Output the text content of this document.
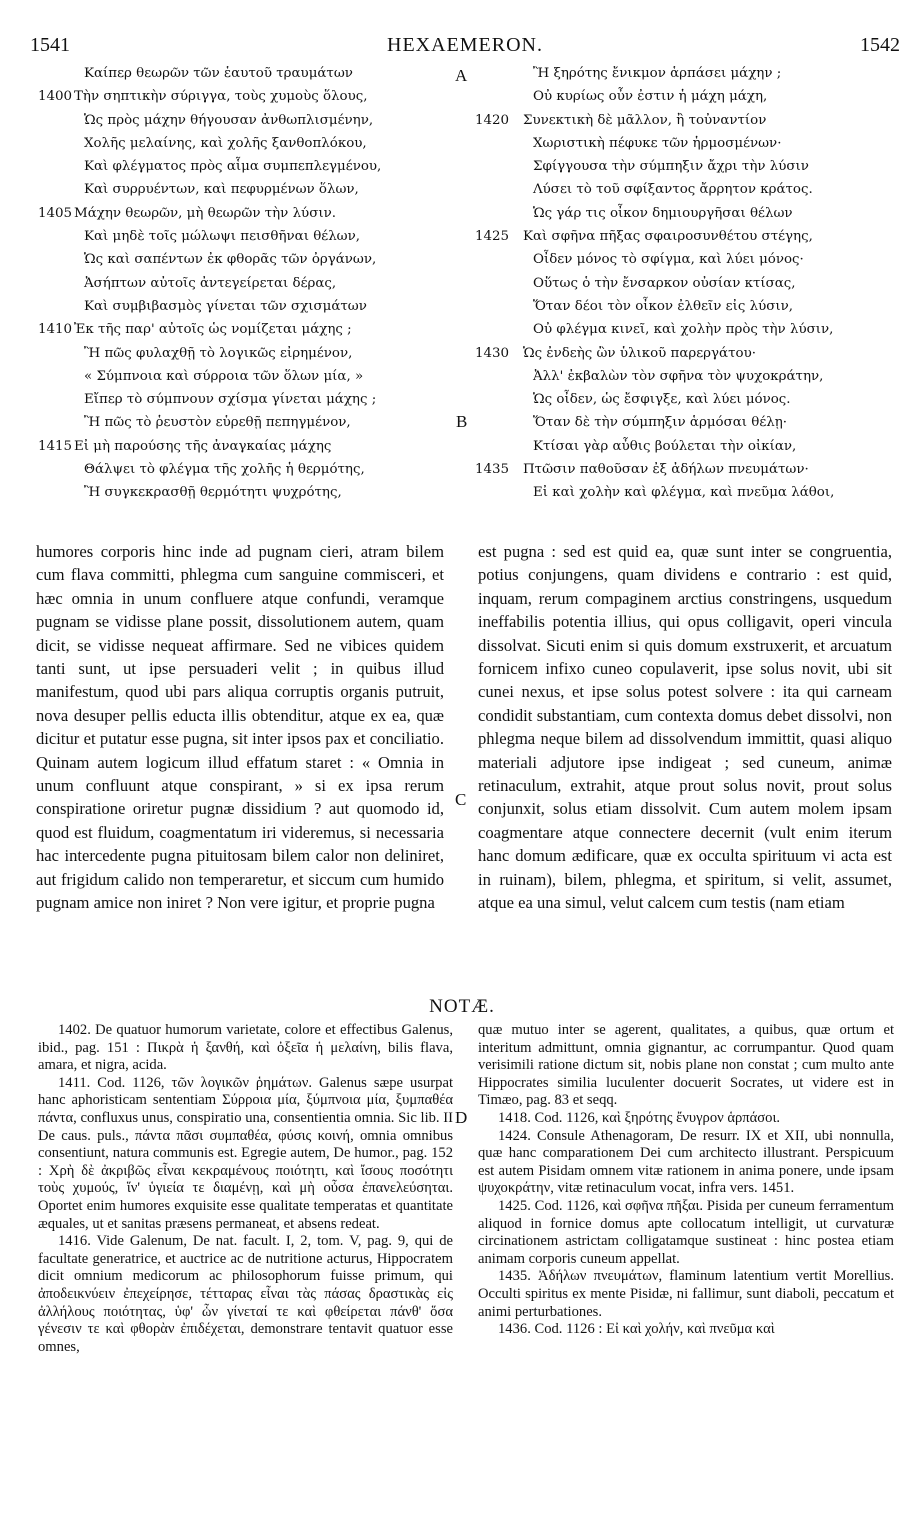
1541	HEXAEMERON.	1542
Καίπερ θεωρῶν τῶν ἑαυτοῦ τραυμάτων
1400 Τὴν σηπτικὴν σύριγγα, τοὺς χυμοὺς ὅλους,
Ὡς πρὸς μάχην θήγουσαν ἀνθωπλισμένην,
Χολῆς μελαίνης, καὶ χολῆς ξανθοπλόκου,
Καὶ φλέγματος πρὸς αἷμα συμπεπλεγμένου,
Καὶ συρρυέντων, καὶ πεφυρμένων ὅλων,
1405 Μάχην θεωρῶν, μὴ θεωρῶν τὴν λύσιν.
Καὶ μηδὲ τοῖς μώλωψι πεισθῆναι θέλων,
Ὡς καὶ σαπέντων ἐκ φθορᾶς τῶν ὀργάνων,
Ἀσήπτων αὐτοῖς ἀντεγείρεται δέρας,
Καὶ συμβιβασμὸς γίνεται τῶν σχισμάτων
1410 Ἐκ τῆς παρ' αὐτοῖς ὡς νομίζεται μάχης ;
Ἢ πῶς φυλαχθῇ τὸ λογικῶς εἰρημένον,
« Σύμπνοια καὶ σύρροια τῶν ὅλων μία, »
Εἴπερ τὸ σύμπνουν σχίσμα γίνεται μάχης ;
Ἢ πῶς τὸ ῥευστὸν εὑρεθῇ πεπηγμένον,
1415 Εἰ μὴ παρούσης τῆς ἀναγκαίας μάχης
Θάλψει τὸ φλέγμα τῆς χολῆς ἡ θερμότης,
Ἢ συγκεκρασθῇ θερμότητι ψυχρότης,
Ἢ ξηρότης ἔνικμον ἁρπάσει μάχην ;
Οὐ κυρίως οὖν ἐστιν ἡ μάχη μάχη,
1420 Συνεκτικὴ δὲ μᾶλλον, ἢ τοὐναντίον
Χωριστικὴ πέφυκε τῶν ἡρμοσμένων·
Σφίγγουσα τὴν σύμπηξιν ἄχρι τὴν λύσιν
Λύσει τὸ τοῦ σφίξαντος ἄρρητον κράτος.
Ὡς γάρ τις οἶκον δημιουργῆσαι θέλων
1425 Καὶ σφῆνα πῆξας σφαιροσυνθέτου στέγης,
Οἶδεν μόνος τὸ σφίγμα, καὶ λύει μόνος·
Οὕτως ὁ τὴν ἔνσαρκον οὐσίαν κτίσας,
Ὅταν δέοι τὸν οἶκον ἐλθεῖν εἰς λύσιν,
Οὐ φλέγμα κινεῖ, καὶ χολὴν πρὸς τὴν λύσιν,
1430 Ὡς ἐνδεὴς ὢν ὑλικοῦ παρεργάτου·
Ἀλλ' ἐκβαλὼν τὸν σφῆνα τὸν ψυχοκράτην,
Ὡς οἶδεν, ὡς ἔσφιγξε, καὶ λύει μόνος.
Ὅταν δὲ τὴν σύμπηξιν ἁρμόσαι θέλῃ·
Κτίσαι γὰρ αὖθις βούλεται τὴν οἰκίαν,
1435 Πτῶσιν παθοῦσαν ἐξ ἀδήλων πνευμάτων·
Εἰ καὶ χολὴν καὶ φλέγμα, καὶ πνεῦμα λάθοι,
A
B
C
D

humores corporis hinc inde ad pugnam cieri, atram bilem cum flava committi, phlegma cum sanguine commisceri, et hæc omnia in unum confluere atque confundi, veramque pugnam se vidisse plane possit, dissolutionem autem, quam dicit, se vidisse nequeat affirmare. Sed ne vibices quidem tanti sunt, ut ipse persuaderi velit ; in quibus illud manifestum, quod ubi pars aliqua corruptis organis putruit, nova desuper pellis educta illis obtenditur, atque ex ea, quæ dicitur et putatur esse pugna, sit inter ipsos pax et conciliatio. Quinam autem logicum illud effatum staret : « Omnia in unum confluunt atque conspirant, » si ex ipsa rerum conspiratione oriretur pugnæ dissidium ? aut quomodo id, quod est fluidum, coagmentatum iri videremus, si necessaria hac intercedente pugna pituitosam bilem calor non deliniret, aut frigidum calido non temperaretur, et siccum cum humido pugnam amice non iniret ? Non vere igitur, et proprie pugna

est pugna : sed est quid ea, quæ sunt inter se congruentia, potius conjungens, quam dividens e contrario : est quid, inquam, rerum compaginem arctius constringens, usquedum ineffabilis potentia illius, qui opus colligavit, operi vincula dissolvat. Sicuti enim si quis domum exstruxerit, et arcuatum fornicem infixo cuneo copulaverit, ipse solus novit, ubi sit cunei nexus, et ipse solus potest solvere : ita qui carneam condidit substantiam, cum contexta domus debet dissolvi, non phlegma neque bilem ad dissolvendum immittit, quasi aliquo materiali adjutore ipse indigeat ; sed cuneum, animæ retinaculum, extrahit, atque prout solus novit, prout solus conjunxit, solus etiam dissolvit. Cum autem molem ipsam coagmentare atque connectere decernit (vult enim iterum hanc domum ædificare, quæ ex occulta spirituum vi acta est in ruinam), bilem, phlegma, et spiritum, si velit, assumet, atque ea una simul, velut calcem cum testis (nam etiam

NOTÆ.

1402. De quatuor humorum varietate, colore et effectibus Galenus, ibid., pag. 151 : Πικρὰ ἡ ξανθή, καὶ ὀξεῖα ἡ μελαίνη, bilis flava, amara, et nigra, acida.

1411. Cod. 1126, τῶν λογικῶν ῥημάτων. Galenus sæpe usurpat hanc aphoristicam sententiam Σύρροια μία, ξύμπνοια μία, ξυμπαθέα πάντα, confluxus unus, conspiratio una, consentientia omnia. Sic lib. II De caus. puls., πάντα πᾶσι συμπαθέα, φύσις κοινή, omnia omnibus consentiunt, natura communis est. Egregie autem, De humor., pag. 152 : Χρὴ δὲ ἀκριβῶς εἶναι κεκραμένους ποιότητι, καὶ ἴσους ποσότητι τοὺς χυμούς, ἵν' ὑγιεία τε διαμένῃ, καὶ μὴ οὖσα ἐπανελεύσηται. Oportet enim humores exquisite esse qualitate temperatas et quantitate æquales, ut et sanitas præsens permaneat, et absens redeat.

1416. Vide Galenum, De nat. facult. I, 2, tom. V, pag. 9, qui de facultate generatrice, et auctrice ac de nutritione acturus, Hippocratem dicit omnium medicorum ac philosophorum fuisse primum, qui ἀποδεικνύειν ἐπεχείρησε, τέτταρας εἶναι τὰς πάσας δραστικὰς εἰς ἀλλήλους ποιότητας, ὑφ' ὧν γίνεταί τε καὶ φθείρεται πάνθ' ὅσα γένεσιν τε καὶ φθορὰν ἐπιδέχεται, demonstrare tentavit quatuor esse omnes,

quæ mutuo inter se agerent, qualitates, a quibus, quæ ortum et interitum admittunt, omnia gignantur, ac corrumpantur. Quod quam verisimili ratione dictum sit, nobis plane non constat ; cum multo ante Hippocrates similia luculenter docuerit Socrates, ut videre est in Timæo, pag. 83 et seqq.

1418. Cod. 1126, καὶ ξηρότης ἔνυγρον ἁρπάσοι.

1424. Consule Athenagoram, De resurr. IX et XII, ubi nonnulla, quæ hanc comparationem Dei cum architecto illustrant. Perspicuum est autem Pisidam omnem vitæ rationem in anima ponere, unde ipsam ψυχοκράτην, vitæ retinaculum vocat, infra vers. 1451.

1425. Cod. 1126, καὶ σφῆνα πῆξαι. Pisida per cuneum ferramentum aliquod in fornice domus apte collocatum intelligit, ut curvaturæ circinationem astrictam colligatamque sustineat : hinc postea etiam animam corporis cuneum appellat.

1435. Ἀδήλων πνευμάτων, flaminum latentium vertit Morellius. Occulti spiritus ex mente Pisidæ, ni fallimur, sunt diaboli, peccatum et animi perturbationes.

1436. Cod. 1126 : Εἰ καὶ χολήν, καὶ πνεῦμα καὶ
